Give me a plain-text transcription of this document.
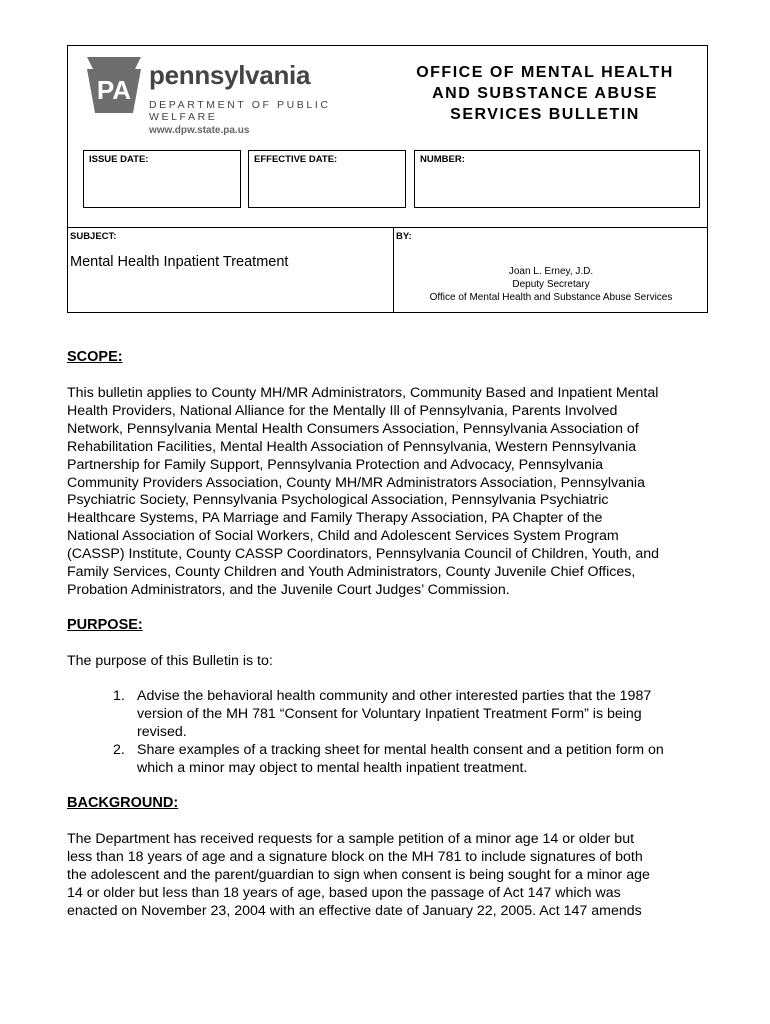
PA pennsylvania
DEPARTMENT OF PUBLIC WELFARE
www.dpw.state.pa.us
OFFICE OF MENTAL HEALTH
AND SUBSTANCE ABUSE
SERVICES BULLETIN
ISSUE DATE:	EFFECTIVE DATE:	NUMBER:
SUBJECT:	BY:
Mental Health Inpatient Treatment
Joan L. Erney, J.D.
Deputy Secretary
Office of Mental Health and Substance Abuse Services
SCOPE:
This bulletin applies to County MH/MR Administrators, Community Based and Inpatient Mental
Health Providers, National Alliance for the Mentally Ill of Pennsylvania, Parents Involved
Network, Pennsylvania Mental Health Consumers Association, Pennsylvania Association of
Rehabilitation Facilities, Mental Health Association of Pennsylvania, Western Pennsylvania
Partnership for Family Support, Pennsylvania Protection and Advocacy, Pennsylvania
Community Providers Association, County MH/MR Administrators Association, Pennsylvania
Psychiatric Society, Pennsylvania Psychological Association, Pennsylvania Psychiatric
Healthcare Systems, PA Marriage and Family Therapy Association, PA Chapter of the
National Association of Social Workers, Child and Adolescent Services System Program
(CASSP) Institute, County CASSP Coordinators, Pennsylvania Council of Children, Youth, and
Family Services, County Children and Youth Administrators, County Juvenile Chief Offices,
Probation Administrators, and the Juvenile Court Judges’ Commission.
PURPOSE:
The purpose of this Bulletin is to:
1. Advise the behavioral health community and other interested parties that the 1987
version of the MH 781 “Consent for Voluntary Inpatient Treatment Form” is being
revised.
2. Share examples of a tracking sheet for mental health consent and a petition form on
which a minor may object to mental health inpatient treatment.
BACKGROUND:
The Department has received requests for a sample petition of a minor age 14 or older but
less than 18 years of age and a signature block on the MH 781 to include signatures of both
the adolescent and the parent/guardian to sign when consent is being sought for a minor age
14 or older but less than 18 years of age, based upon the passage of Act 147 which was
enacted on November 23, 2004 with an effective date of January 22, 2005. Act 147 amends
